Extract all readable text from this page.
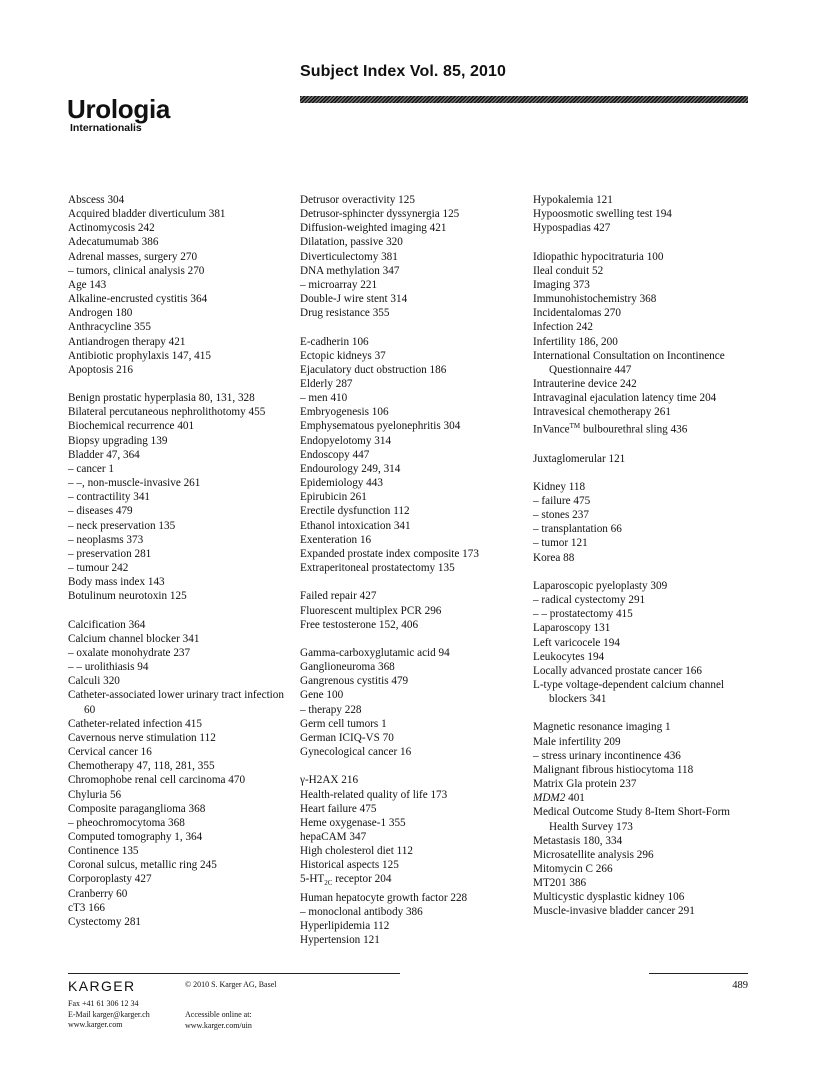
Subject Index Vol. 85, 2010
Urologia
Internationalis
Abscess 304
Acquired bladder diverticulum 381
Actinomycosis 242
Adecatumumab 386
Adrenal masses, surgery 270
– tumors, clinical analysis 270
Age 143
Alkaline-encrusted cystitis 364
Androgen 180
Anthracycline 355
Antiandrogen therapy 421
Antibiotic prophylaxis 147, 415
Apoptosis 216
Benign prostatic hyperplasia 80, 131, 328
Bilateral percutaneous nephrolithotomy 455
Biochemical recurrence 401
Biopsy upgrading 139
Bladder 47, 364
– cancer 1
– –, non-muscle-invasive 261
– contractility 341
– diseases 479
– neck preservation 135
– neoplasms 373
– preservation 281
– tumour 242
Body mass index 143
Botulinum neurotoxin 125
Calcification 364
Calcium channel blocker 341
– oxalate monohydrate 237
– – urolithiasis 94
Calculi 320
Catheter-associated lower urinary tract infection 60
Catheter-related infection 415
Cavernous nerve stimulation 112
Cervical cancer 16
Chemotherapy 47, 118, 281, 355
Chromophobe renal cell carcinoma 470
Chyluria 56
Composite paraganglioma 368
– pheochromocytoma 368
Computed tomography 1, 364
Continence 135
Coronal sulcus, metallic ring 245
Corporoplasty 427
Cranberry 60
cT3 166
Cystectomy 281
Detrusor overactivity 125
Detrusor-sphincter dyssynergia 125
Diffusion-weighted imaging 421
Dilatation, passive 320
Diverticulectomy 381
DNA methylation 347
– microarray 221
Double-J wire stent 314
Drug resistance 355
E-cadherin 106
Ectopic kidneys 37
Ejaculatory duct obstruction 186
Elderly 287
– men 410
Embryogenesis 106
Emphysematous pyelonephritis 304
Endopyelotomy 314
Endoscopy 447
Endourology 249, 314
Epidemiology 443
Epirubicin 261
Erectile dysfunction 112
Ethanol intoxication 341
Exenteration 16
Expanded prostate index composite 173
Extraperitoneal prostatectomy 135
Failed repair 427
Fluorescent multiplex PCR 296
Free testosterone 152, 406
Gamma-carboxyglutamic acid 94
Ganglioneuroma 368
Gangrenous cystitis 479
Gene 100
– therapy 228
Germ cell tumors 1
German ICIQ-VS 70
Gynecological cancer 16
γ-H2AX 216
Health-related quality of life 173
Heart failure 475
Heme oxygenase-1 355
hepaCAM 347
High cholesterol diet 112
Historical aspects 125
$5-HT_{2C}$ receptor 204
Human hepatocyte growth factor 228
– monoclonal antibody 386
Hyperlipidemia 112
Hypertension 121
Hypokalemia 121
Hypoosmotic swelling test 194
Hypospadias 427
Idiopathic hypocitraturia 100
Ileal conduit 52
Imaging 373
Immunohistochemistry 368
Incidentalomas 270
Infection 242
Infertility 186, 200
International Consultation on Incontinence Questionnaire 447
Intrauterine device 242
Intravaginal ejaculation latency time 204
Intravesical chemotherapy 261
InVance™ bulbourethral sling 436
Juxtaglomerular 121
Kidney 118
– failure 475
– stones 237
– transplantation 66
– tumor 121
Korea 88
Laparoscopic pyeloplasty 309
– radical cystectomy 291
– – prostatectomy 415
Laparoscopy 131
Left varicocele 194
Leukocytes 194
Locally advanced prostate cancer 166
L-type voltage-dependent calcium channel blockers 341
Magnetic resonance imaging 1
Male infertility 209
– stress urinary incontinence 436
Malignant fibrous histiocytoma 118
Matrix Gla protein 237
MDM2 401
Medical Outcome Study 8-Item Short-Form Health Survey 173
Metastasis 180, 334
Microsatellite analysis 296
Mitomycin C 266
MT201 386
Multicystic dysplastic kidney 106
Muscle-invasive bladder cancer 291
KARGER	© 2010 S. Karger AG, Basel	489
Fax +41 61 306 12 34
E-Mail karger@karger.ch
www.karger.com
Accessible online at:
www.karger.com/uin
